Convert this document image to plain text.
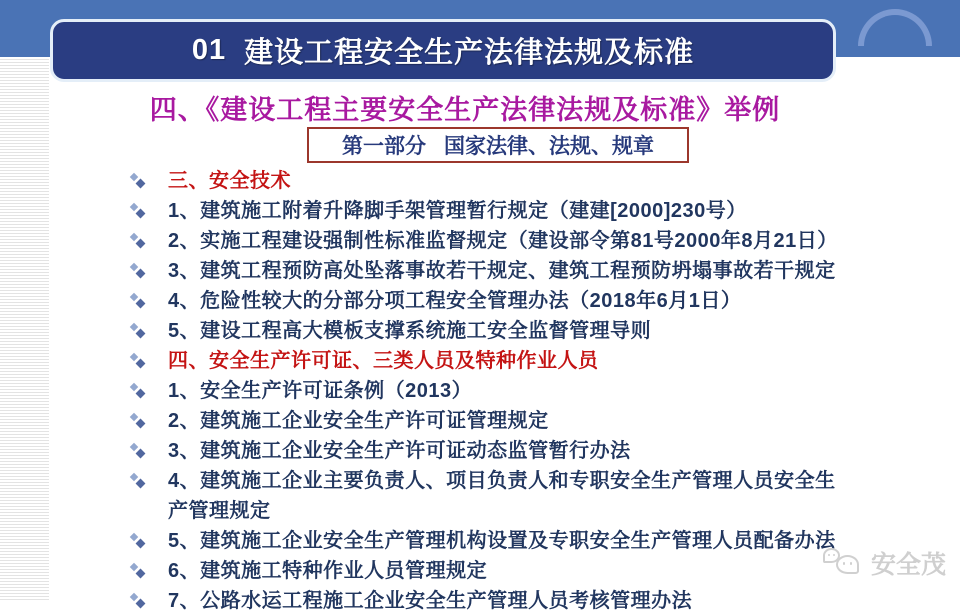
01 建设工程安全生产法律法规及标准
四、《建设工程主要安全生产法律法规及标准》举例
第一部分 国家法律、法规、规章
三、安全技术
1、建筑施工附着升降脚手架管理暂行规定（建建[2000]230号）
2、实施工程建设强制性标准监督规定（建设部令第81号2000年8月21日）
3、建筑工程预防高处坠落事故若干规定、建筑工程预防坍塌事故若干规定
4、危险性较大的分部分项工程安全管理办法（2018年6月1日）
5、建设工程高大模板支撑系统施工安全监督管理导则
四、安全生产许可证、三类人员及特种作业人员
1、安全生产许可证条例（2013）
2、建筑施工企业安全生产许可证管理规定
3、建筑施工企业安全生产许可证动态监管暂行办法
4、建筑施工企业主要负责人、项目负责人和专职安全生产管理人员安全生产管理规定
5、建筑施工企业安全生产管理机构设置及专职安全生产管理人员配备办法
6、建筑施工特种作业人员管理规定
7、公路水运工程施工企业安全生产管理人员考核管理办法
安全茂
